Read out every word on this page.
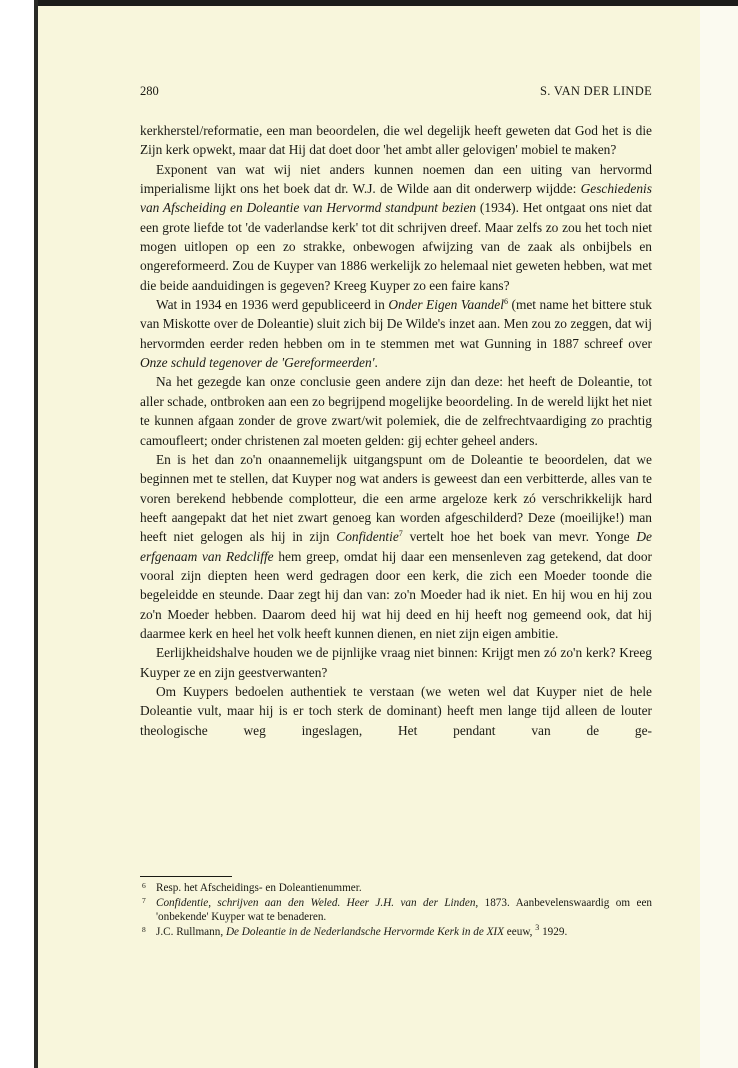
280	S. VAN DER LINDE

kerkherstel/reformatie, een man beoordelen, die wel degelijk heeft geweten dat God het is die Zijn kerk opwekt, maar dat Hij dat doet door 'het ambt aller gelovigen' mobiel te maken?

Exponent van wat wij niet anders kunnen noemen dan een uiting van hervormd imperialisme lijkt ons het boek dat dr. W.J. de Wilde aan dit onderwerp wijdde: Geschiedenis van Afscheiding en Doleantie van Hervormd standpunt bezien (1934). Het ontgaat ons niet dat een grote liefde tot 'de vaderlandse kerk' tot dit schrijven dreef. Maar zelfs zo zou het toch niet mogen uitlopen op een zo strakke, onbewogen afwijzing van de zaak als onbijbels en ongereformeerd. Zou de Kuyper van 1886 werkelijk zo helemaal niet geweten hebben, wat met die beide aanduidingen is gegeven? Kreeg Kuyper zo een faire kans?

Wat in 1934 en 1936 werd gepubliceerd in Onder Eigen Vaandel$^6$ (met name het bittere stuk van Miskotte over de Doleantie) sluit zich bij De Wilde's inzet aan. Men zou zo zeggen, dat wij hervormden eerder reden hebben om in te stemmen met wat Gunning in 1887 schreef over Onze schuld tegenover de 'Gereformeerden'.

Na het gezegde kan onze conclusie geen andere zijn dan deze: het heeft de Doleantie, tot aller schade, ontbroken aan een zo begrijpend mogelijke beoordeling. In de wereld lijkt het niet te kunnen afgaan zonder de grove zwart/wit polemiek, die de zelfrechtvaardiging zo prachtig camoufleert; onder christenen zal moeten gelden: gij echter geheel anders.

En is het dan zo'n onaannemelijk uitgangspunt om de Doleantie te beoordelen, dat we beginnen met te stellen, dat Kuyper nog wat anders is geweest dan een verbitterde, alles van te voren berekend hebbende complotteur, die een arme argeloze kerk zó verschrikkelijk hard heeft aangepakt dat het niet zwart genoeg kan worden afgeschilderd? Deze (moeilijke!) man heeft niet gelogen als hij in zijn Confidentie$^7$ vertelt hoe het boek van mevr. Yonge De erfgenaam van Redcliffe hem greep, omdat hij daar een mensenleven zag getekend, dat door vooral zijn diepten heen werd gedragen door een kerk, die zich een Moeder toonde die begeleidde en steunde. Daar zegt hij dan van: zo'n Moeder had ik niet. En hij wou en hij zou zo'n Moeder hebben. Daarom deed hij wat hij deed en hij heeft nog gemeend ook, dat hij daarmee kerk en heel het volk heeft kunnen dienen, en niet zijn eigen ambitie.

Eerlijkheidshalve houden we de pijnlijke vraag niet binnen: Krijgt men zó zo'n kerk? Kreeg Kuyper ze en zijn geestverwanten?

Om Kuypers bedoelen authentiek te verstaan (we weten wel dat Kuyper niet de hele Doleantie vult, maar hij is er toch sterk de dominant) heeft men lange tijd alleen de louter theologische weg ingeslagen, Het pendant van de ge-

6 Resp. het Afscheidings- en Doleantienummer.
7 Confidentie, schrijven aan den Weled. Heer J.H. van der Linden, 1873. Aanbevelenswaardig om een 'onbekende' Kuyper wat te benaderen.
8 J.C. Rullmann, De Doleantie in de Nederlandsche Hervormde Kerk in de XIX eeuw, $^3$ 1929.
